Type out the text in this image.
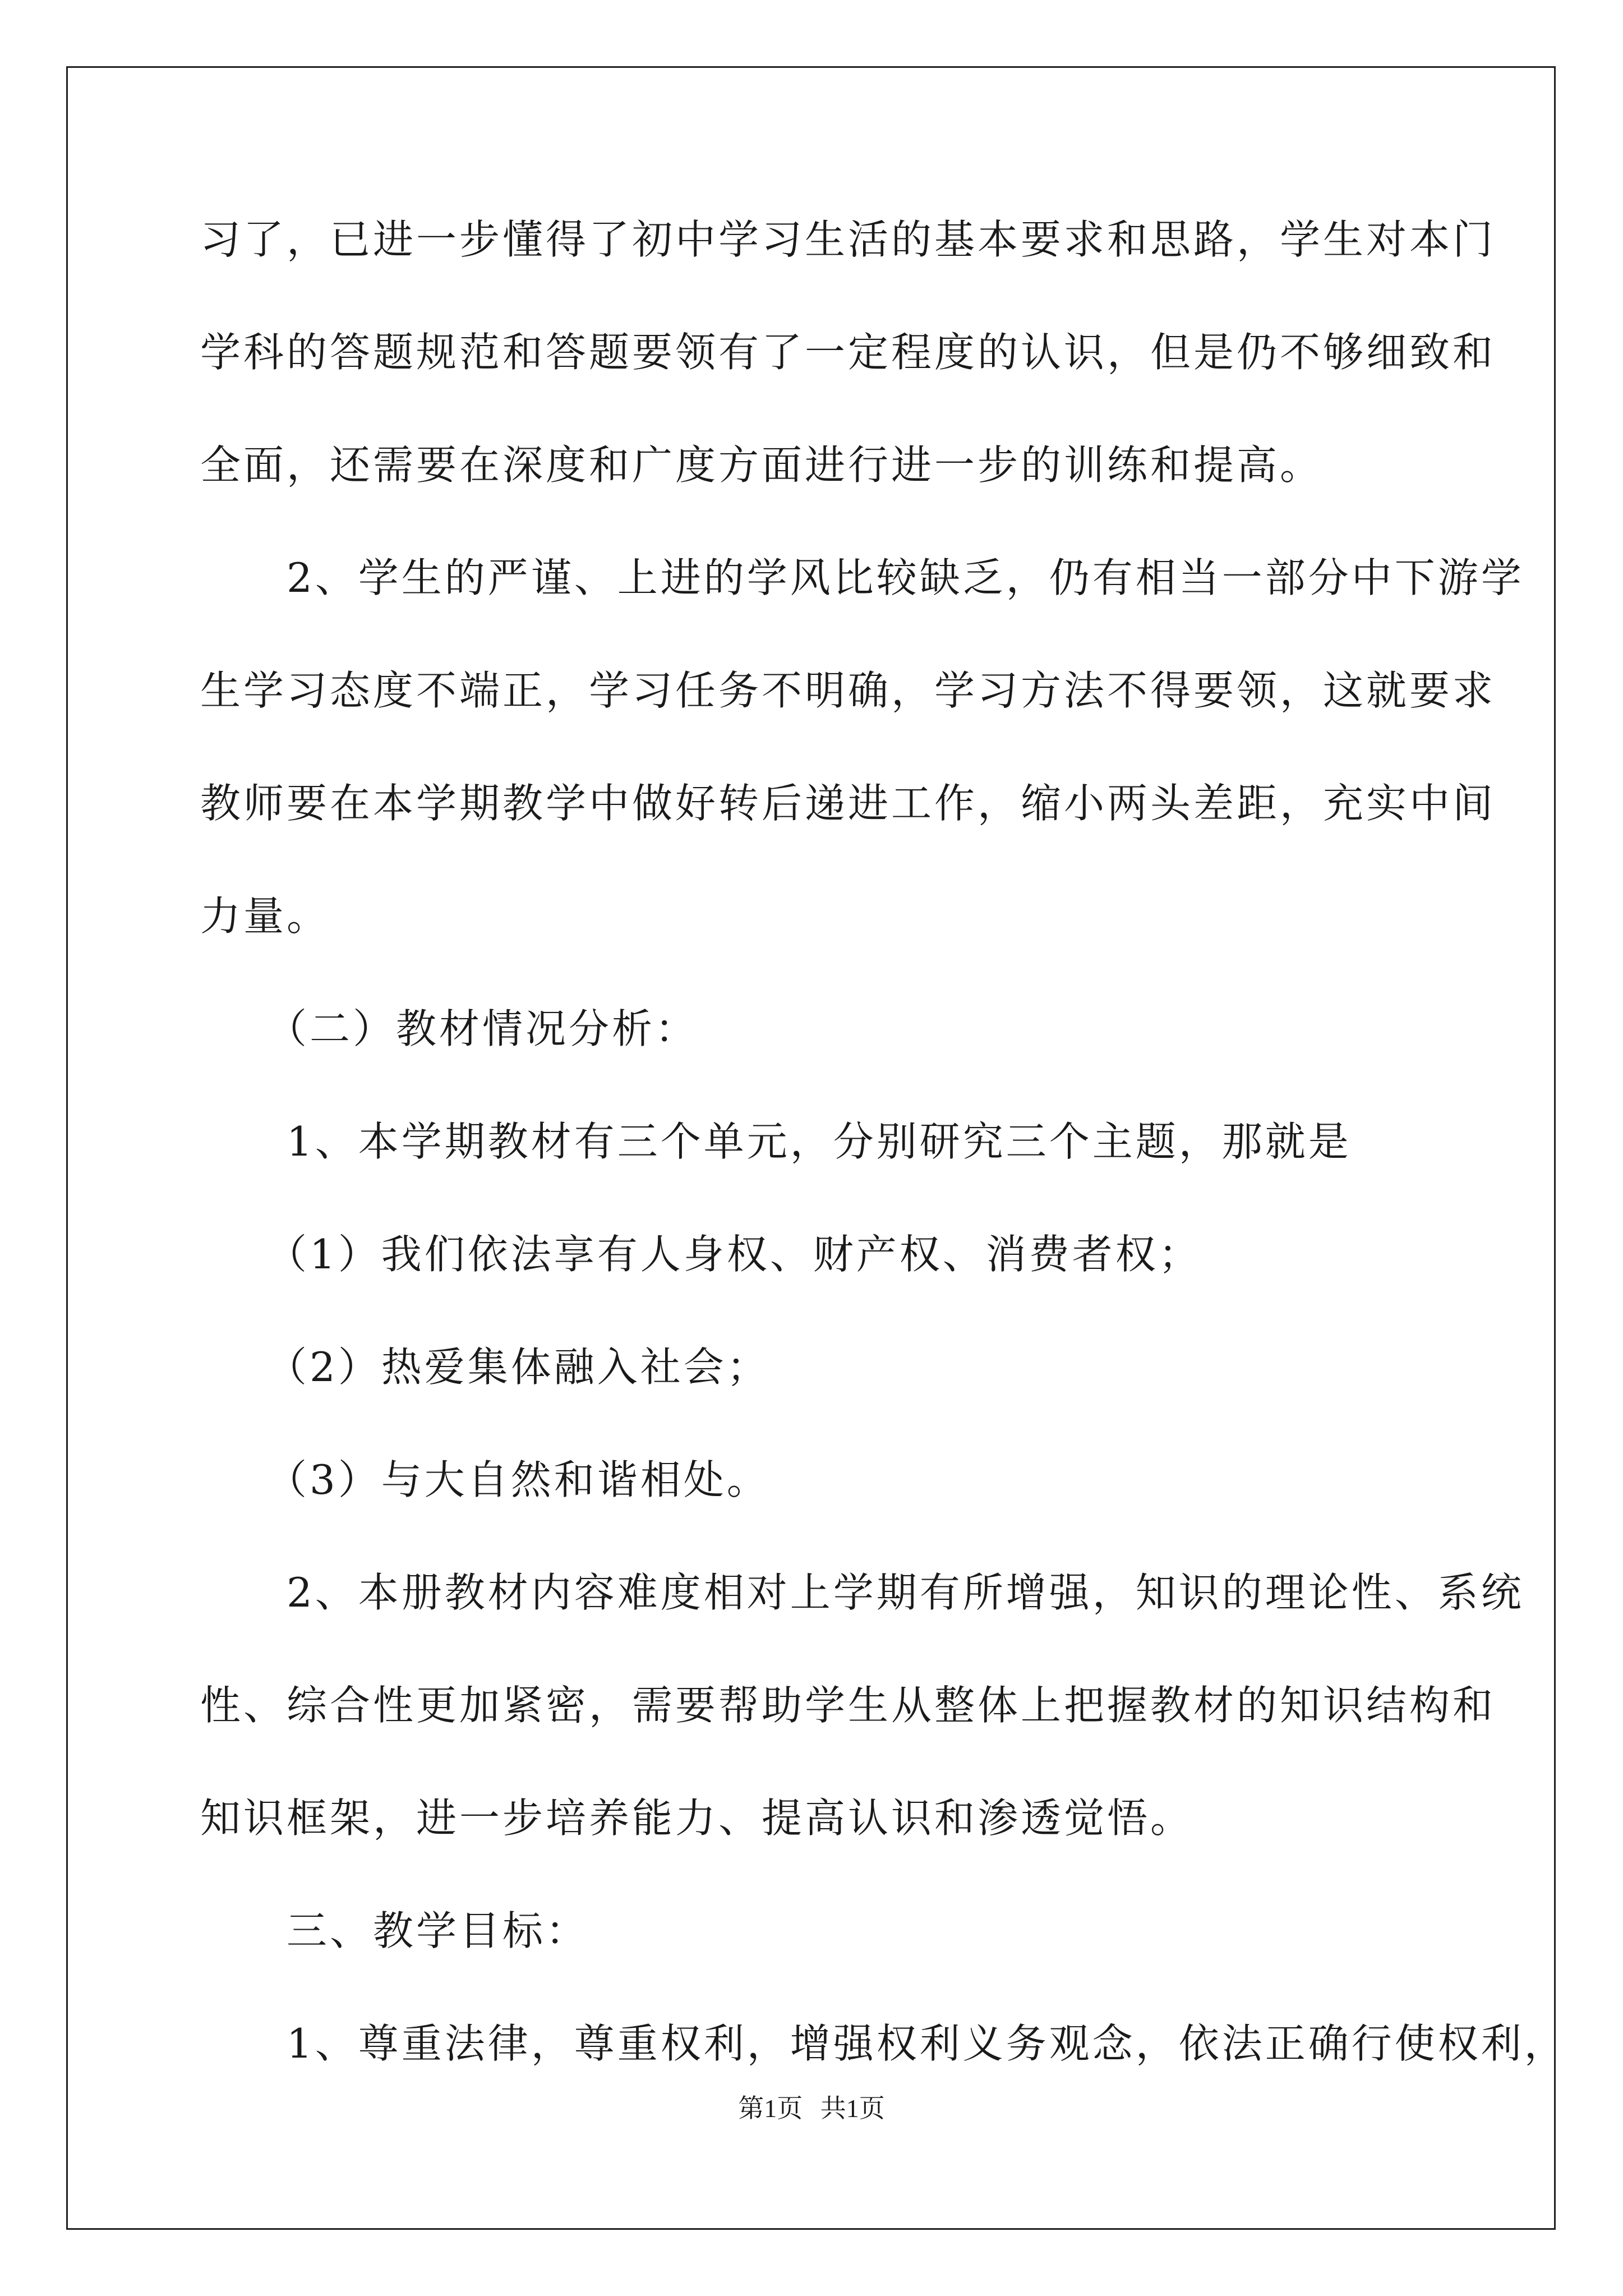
习了，已进一步懂得了初中学习生活的基本要求和思路，学生对本门
学科的答题规范和答题要领有了一定程度的认识，但是仍不够细致和
全面，还需要在深度和广度方面进行进一步的训练和提高。
　　2、学生的严谨、上进的学风比较缺乏，仍有相当一部分中下游学
生学习态度不端正，学习任务不明确，学习方法不得要领，这就要求
教师要在本学期教学中做好转后递进工作，缩小两头差距，充实中间
力量。
　　（二）教材情况分析：
　　1、本学期教材有三个单元，分别研究三个主题，那就是
　　（1）我们依法享有人身权、财产权、消费者权；
　　（2）热爱集体融入社会；
　　（3）与大自然和谐相处。
　　2、本册教材内容难度相对上学期有所增强，知识的理论性、系统
性、综合性更加紧密，需要帮助学生从整体上把握教材的知识结构和
知识框架，进一步培养能力、提高认识和渗透觉悟。
　　三、教学目标：
　　1、尊重法律，尊重权利，增强权利义务观念，依法正确行使权利，
第1页 共1页
